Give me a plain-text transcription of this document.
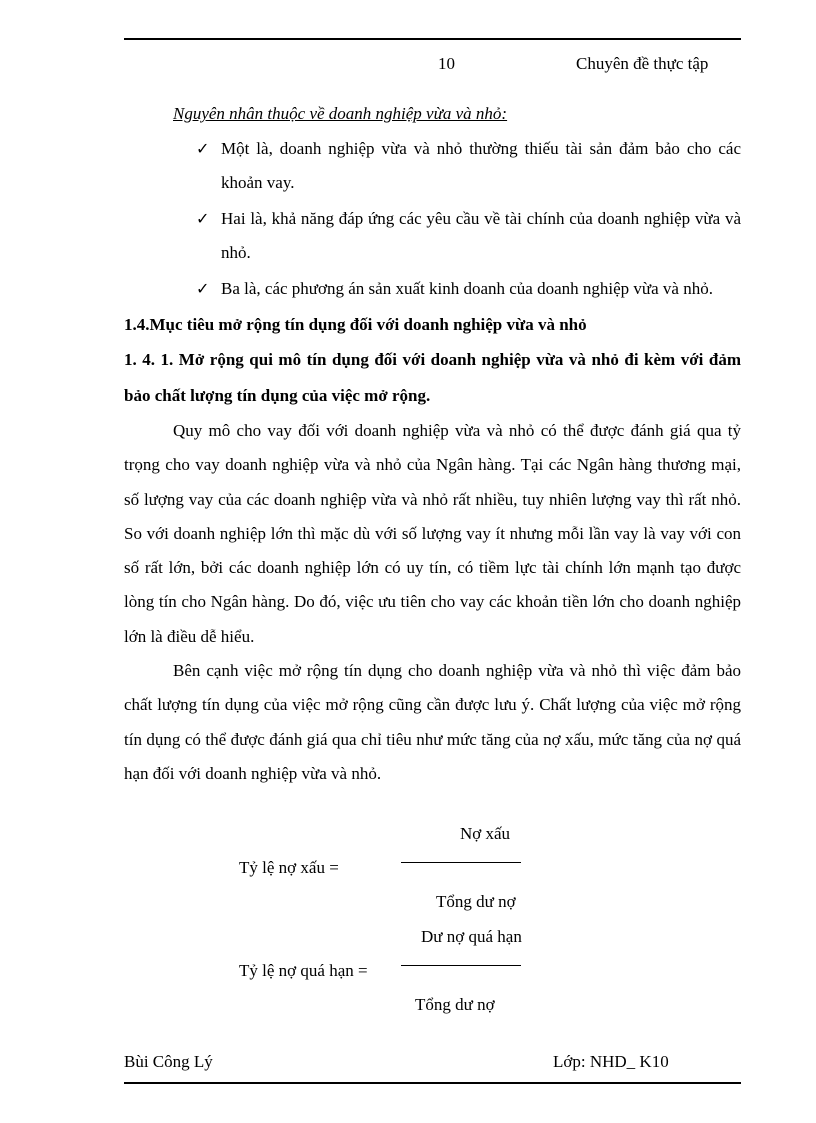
10	Chuyên đề thực tập

Nguyên nhân thuộc về doanh nghiệp vừa và nhỏ:

✓ Một là, doanh nghiệp vừa và nhỏ thường thiếu tài sản đảm bảo cho các khoản vay.
✓ Hai là, khả năng đáp ứng các yêu cầu về tài chính của doanh nghiệp vừa và nhỏ.
✓ Ba là, các phương án sản xuất kinh doanh của doanh nghiệp vừa và nhỏ.

1.4.Mục tiêu mở rộng tín dụng đối với doanh nghiệp vừa và nhỏ

1. 4. 1. Mở rộng qui mô tín dụng đối với doanh nghiệp vừa và nhỏ đi kèm với đảm bảo chất lượng tín dụng của việc mở rộng.

Quy mô cho vay đối với doanh nghiệp vừa và nhỏ có thể được đánh giá qua tỷ trọng cho vay doanh nghiệp vừa và nhỏ của Ngân hàng. Tại các Ngân hàng thương mại, số lượng vay của các doanh nghiệp vừa và nhỏ rất nhiều, tuy nhiên lượng vay thì rất nhỏ. So với doanh nghiệp lớn thì mặc dù với số lượng vay ít nhưng mỗi lần vay là vay với con số rất lớn, bởi các doanh nghiệp lớn có uy tín, có tiềm lực tài chính lớn mạnh tạo được lòng tín cho Ngân hàng. Do đó, việc ưu tiên cho vay các khoản tiền lớn cho doanh nghiệp lớn là điều dễ hiểu.

Bên cạnh việc mở rộng tín dụng cho doanh nghiệp vừa và nhỏ thì việc đảm bảo chất lượng tín dụng của việc mở rộng cũng cần được lưu ý. Chất lượng của việc mở rộng tín dụng có thể được đánh giá qua chỉ tiêu như mức tăng của nợ xấu, mức tăng của nợ quá hạn đối với doanh nghiệp vừa và nhỏ.

Tỷ lệ nợ xấu =
Nợ xấu
Tổng dư nợ
Tỷ lệ nợ quá hạn =
Dư nợ quá hạn
Tổng dư nợ
Bùi Công Lý	Lớp: NHD_ K10
